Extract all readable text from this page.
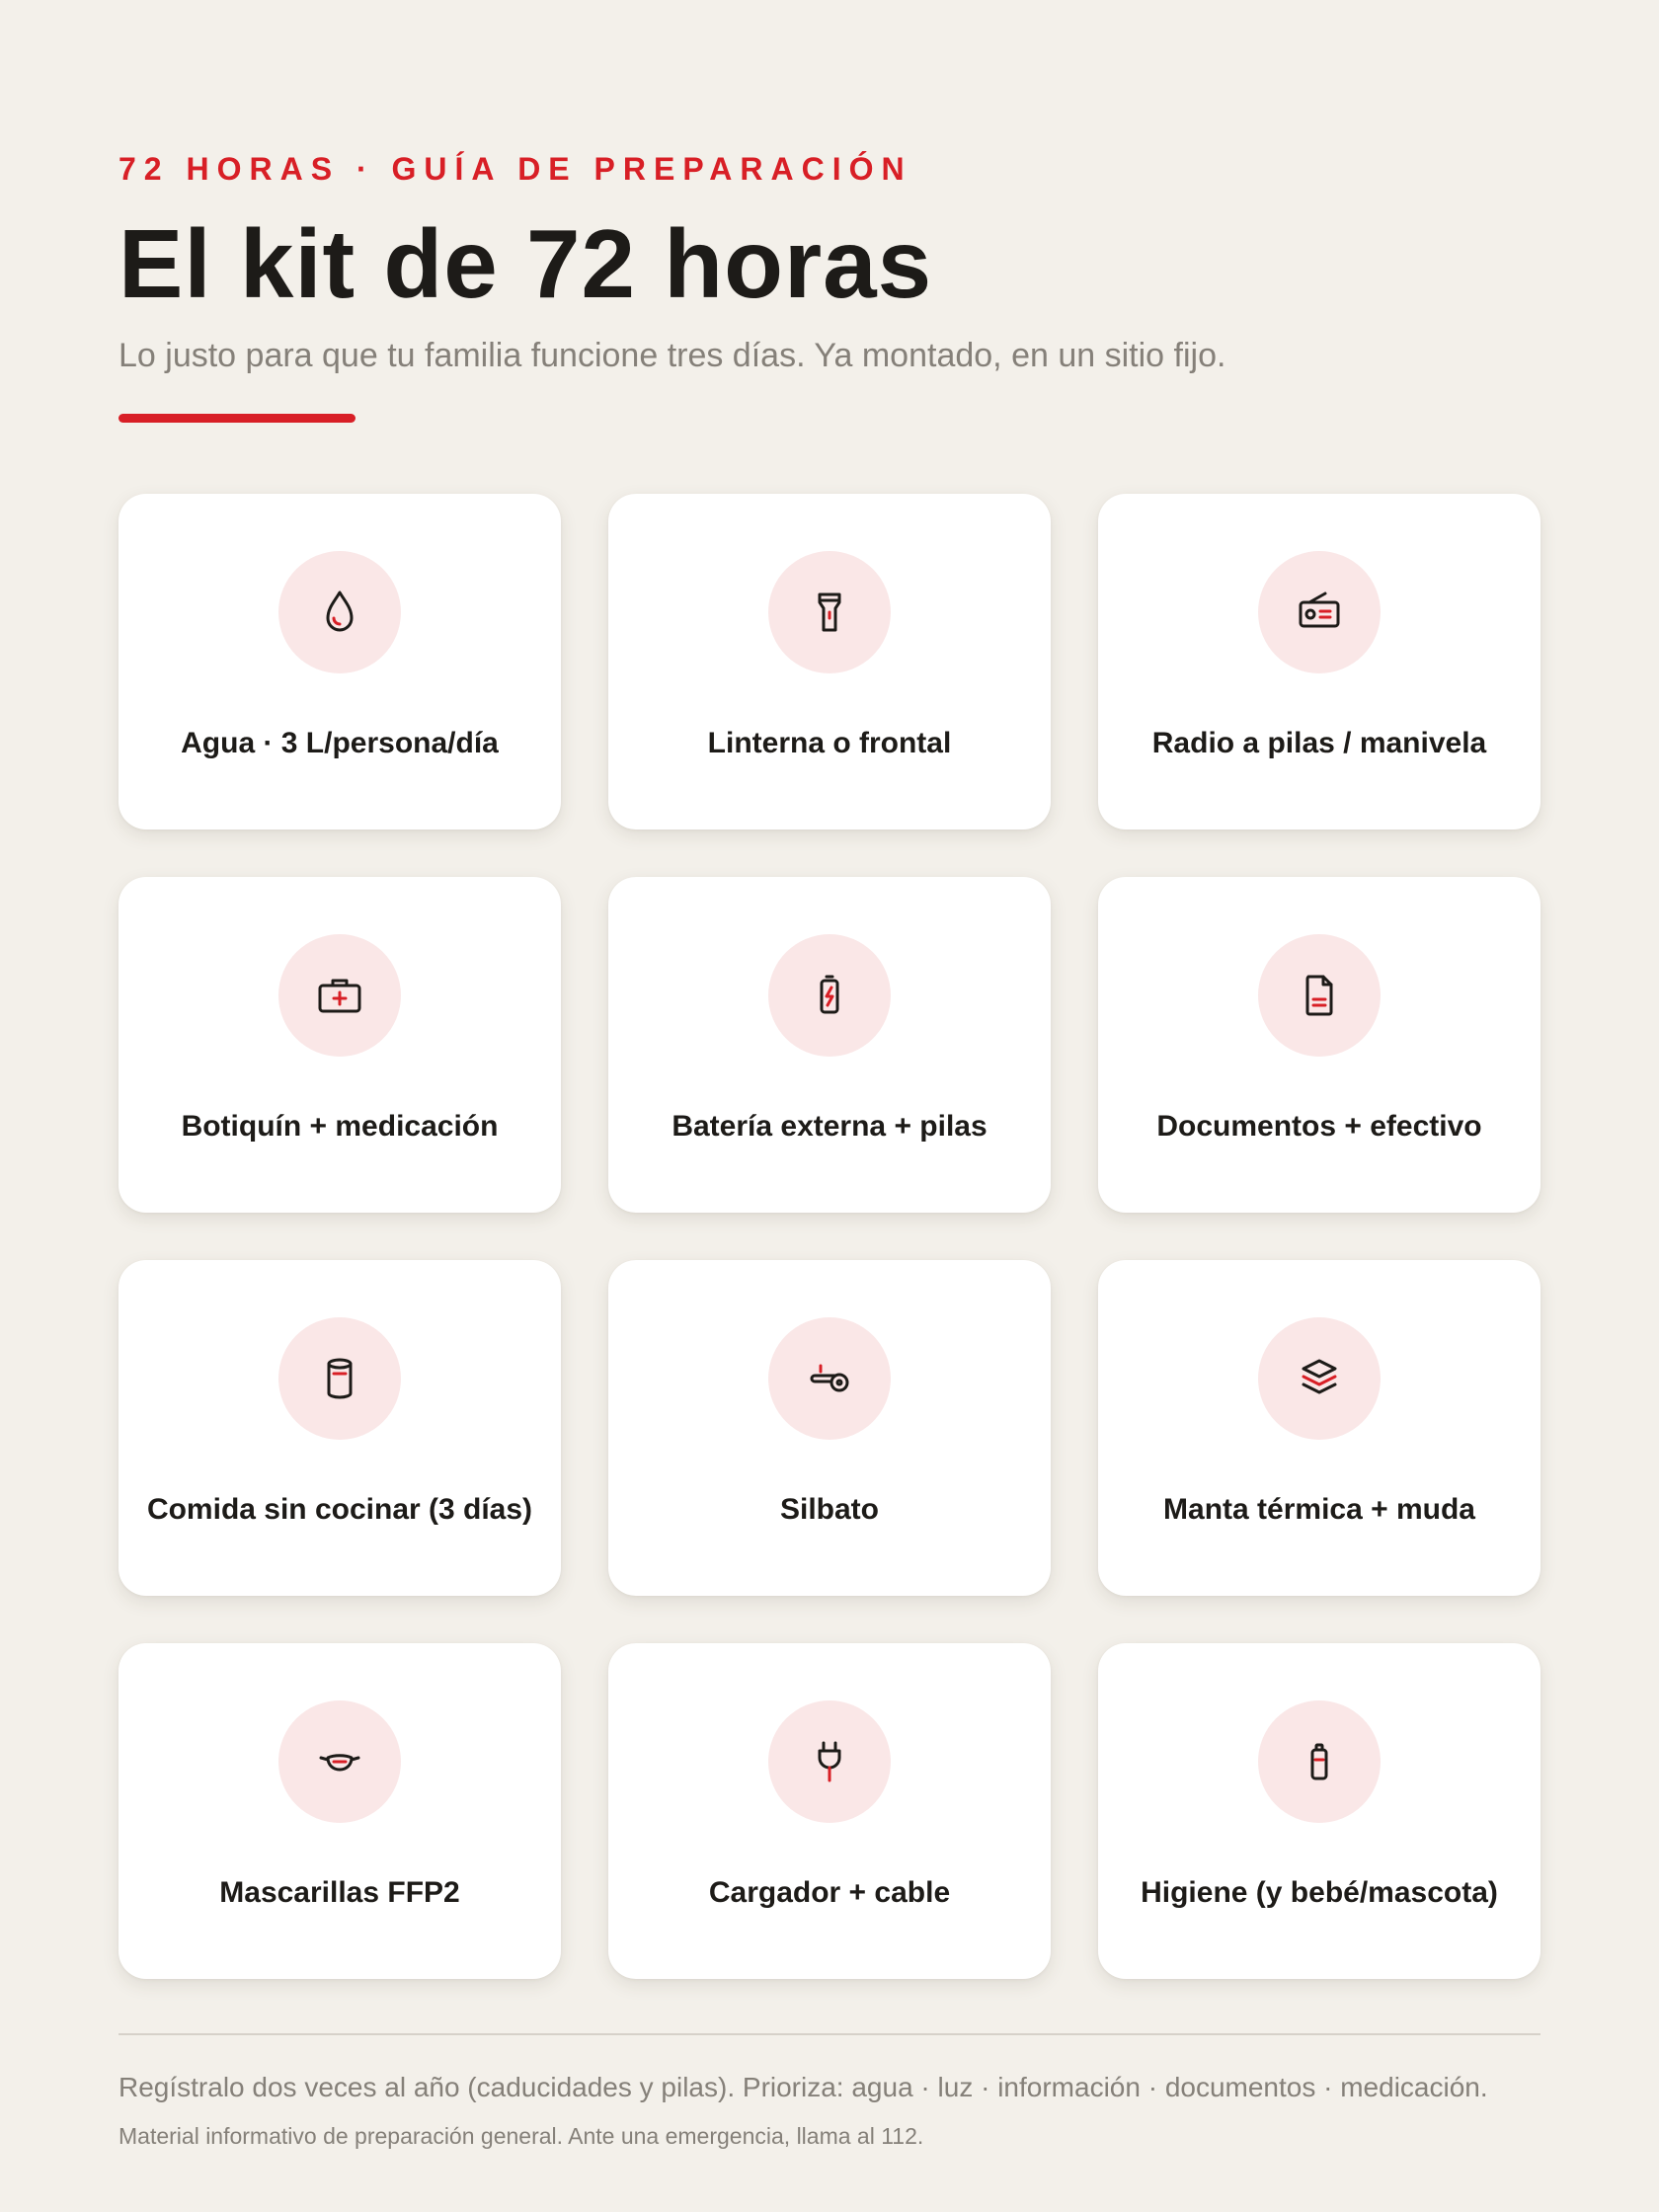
72 HORAS · GUÍA DE PREPARACIÓN
El kit de 72 horas

Lo justo para que tu familia funcione tres días. Ya montado, en un sitio fijo.

Agua · 3 L/persona/día	Linterna o frontal	Radio a pilas / manivela
Botiquín + medicación	Batería externa + pilas	Documentos + efectivo
Comida sin cocinar (3 días)	Silbato	Manta térmica + muda
Mascarillas FFP2	Cargador + cable	Higiene (y bebé/mascota)

Regístralo dos veces al año (caducidades y pilas). Prioriza: agua · luz · información · documentos · medicación.

Material informativo de preparación general. Ante una emergencia, llama al 112.
